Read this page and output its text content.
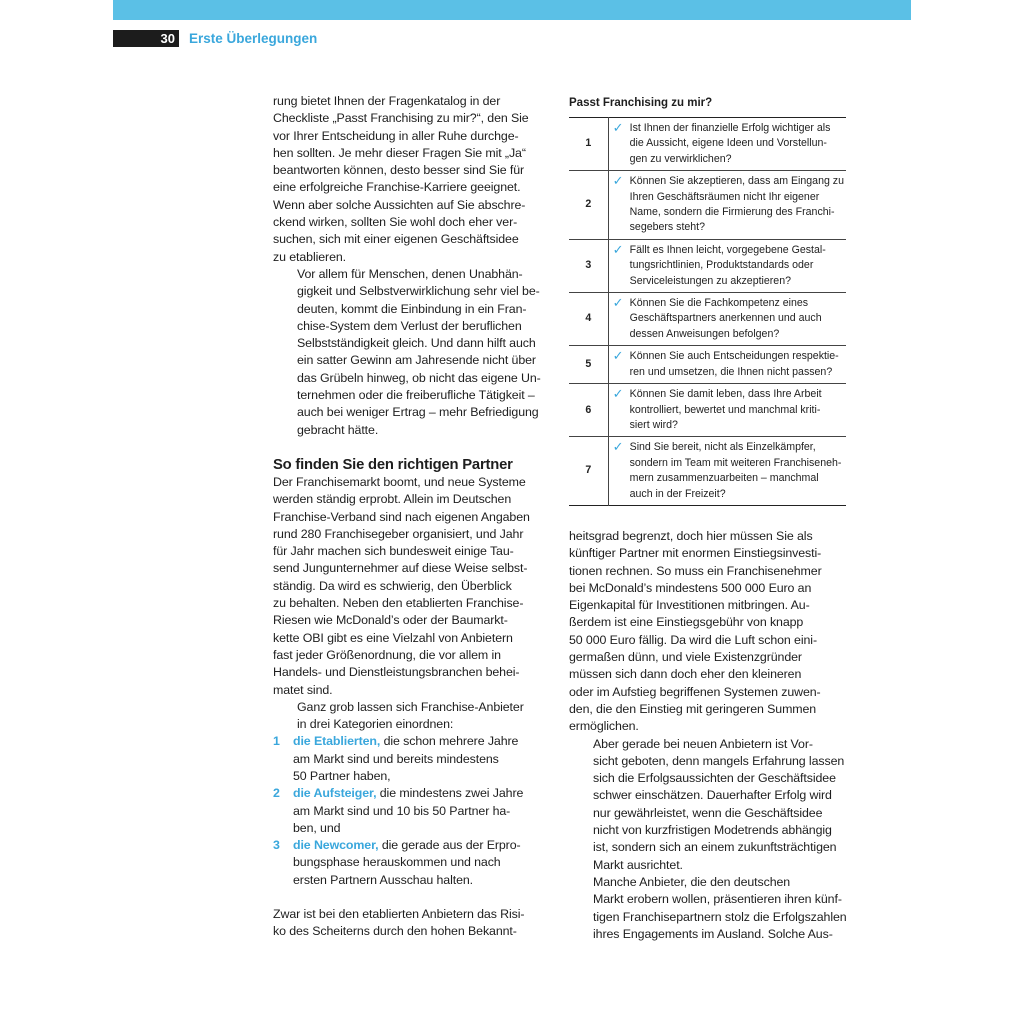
30 Erste Überlegungen

rung bietet Ihnen der Fragenkatalog in der
Checkliste „Passt Franchising zu mir?“, den Sie
vor Ihrer Entscheidung in aller Ruhe durchge-
hen sollten. Je mehr dieser Fragen Sie mit „Ja“
beantworten können, desto besser sind Sie für
eine erfolgreiche Franchise-Karriere geeignet.
Wenn aber solche Aussichten auf Sie abschre-
ckend wirken, sollten Sie wohl doch eher ver-
suchen, sich mit einer eigenen Geschäftsidee
zu etablieren.

Vor allem für Menschen, denen Unabhän-
gigkeit und Selbstverwirklichung sehr viel be-
deuten, kommt die Einbindung in ein Fran-
chise-System dem Verlust der beruflichen
Selbstständigkeit gleich. Und dann hilft auch
ein satter Gewinn am Jahresende nicht über
das Grübeln hinweg, ob nicht das eigene Un-
ternehmen oder die freiberufliche Tätigkeit –
auch bei weniger Ertrag – mehr Befriedigung
gebracht hätte.

So finden Sie den richtigen Partner

Der Franchisemarkt boomt, und neue Systeme
werden ständig erprobt. Allein im Deutschen
Franchise-Verband sind nach eigenen Angaben
rund 280 Franchisegeber organisiert, und Jahr
für Jahr machen sich bundesweit einige Tau-
send Jungunternehmer auf diese Weise selbst-
ständig. Da wird es schwierig, den Überblick
zu behalten. Neben den etablierten Franchise-
Riesen wie McDonald’s oder der Baumarkt-
kette OBI gibt es eine Vielzahl von Anbietern
fast jeder Größenordnung, die vor allem in
Handels- und Dienstleistungsbranchen behei-
matet sind.

Ganz grob lassen sich Franchise-Anbieter
in drei Kategorien einordnen:

1 die Etablierten, die schon mehrere Jahre
am Markt sind und bereits mindestens
50 Partner haben,
2 die Aufsteiger, die mindestens zwei Jahre
am Markt sind und 10 bis 50 Partner ha-
ben, und
3 die Newcomer, die gerade aus der Erpro-
bungsphase herauskommen und nach
ersten Partnern Ausschau halten.

Zwar ist bei den etablierten Anbietern das Risi-
ko des Scheiterns durch den hohen Bekannt-

Passt Franchising zu mir?
1	✓ Ist Ihnen der finanzielle Erfolg wichtiger als
die Aussicht, eigene Ideen und Vorstellun-
gen zu verwirklichen?

2	✓ Können Sie akzeptieren, dass am Eingang zu
Ihren Geschäftsräumen nicht Ihr eigener
Name, sondern die Firmierung des Franchi-
segebers steht?

3	✓ Fällt es Ihnen leicht, vorgegebene Gestal-
tungsrichtlinien, Produktstandards oder
Serviceleistungen zu akzeptieren?

4	✓ Können Sie die Fachkompetenz eines
Geschäftspartners anerkennen und auch
dessen Anweisungen befolgen?

5	✓ Können Sie auch Entscheidungen respektie-
ren und umsetzen, die Ihnen nicht passen?

6	✓ Können Sie damit leben, dass Ihre Arbeit
kontrolliert, bewertet und manchmal kriti-
siert wird?

7	✓ Sind Sie bereit, nicht als Einzelkämpfer,
sondern im Team mit weiteren Franchiseneh-
mern zusammenzuarbeiten – manchmal
auch in der Freizeit?

heitsgrad begrenzt, doch hier müssen Sie als
künftiger Partner mit enormen Einstiegsinvesti-
tionen rechnen. So muss ein Franchisenehmer
bei McDonald’s mindestens 500 000 Euro an
Eigenkapital für Investitionen mitbringen. Au-
ßerdem ist eine Einstiegsgebühr von knapp
50 000 Euro fällig. Da wird die Luft schon eini-
germaßen dünn, und viele Existenzgründer
müssen sich dann doch eher den kleineren
oder im Aufstieg begriffenen Systemen zuwen-
den, die den Einstieg mit geringeren Summen
ermöglichen.

Aber gerade bei neuen Anbietern ist Vor-
sicht geboten, denn mangels Erfahrung lassen
sich die Erfolgsaussichten der Geschäftsidee
schwer einschätzen. Dauerhafter Erfolg wird
nur gewährleistet, wenn die Geschäftsidee
nicht von kurzfristigen Modetrends abhängig
ist, sondern sich an einem zukunftsträchtigen
Markt ausrichtet.

Manche Anbieter, die den deutschen
Markt erobern wollen, präsentieren ihren künf-
tigen Franchisepartnern stolz die Erfolgszahlen
ihres Engagements im Ausland. Solche Aus-
